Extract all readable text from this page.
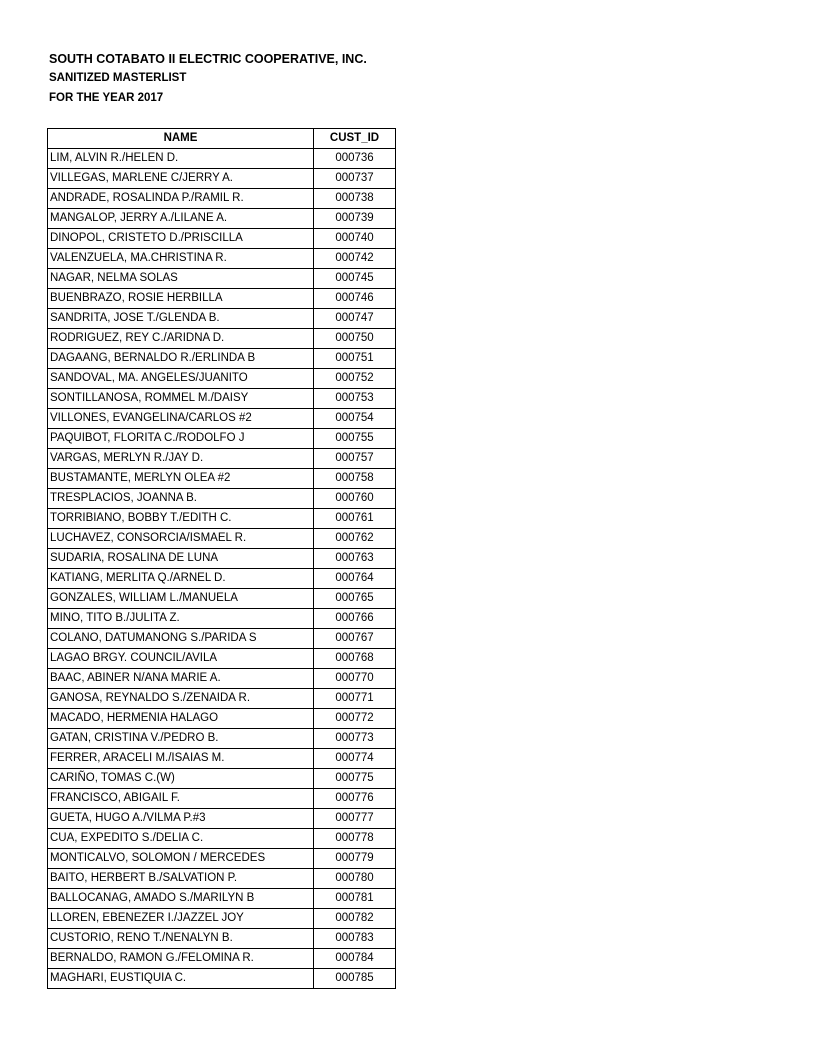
SOUTH COTABATO II ELECTRIC COOPERATIVE, INC.
SANITIZED MASTERLIST
FOR THE YEAR 2017
NAME	CUST_ID
LIM, ALVIN R./HELEN D.	000736
VILLEGAS, MARLENE C/JERRY A.	000737
ANDRADE, ROSALINDA P./RAMIL R.	000738
MANGALOP, JERRY A./LILANE A.	000739
DINOPOL, CRISTETO D./PRISCILLA	000740
VALENZUELA, MA.CHRISTINA R.	000742
NAGAR, NELMA SOLAS	000745
BUENBRAZO, ROSIE HERBILLA	000746
SANDRITA, JOSE T./GLENDA B.	000747
RODRIGUEZ, REY C./ARIDNA D.	000750
DAGAANG, BERNALDO R./ERLINDA B	000751
SANDOVAL, MA. ANGELES/JUANITO	000752
SONTILLANOSA, ROMMEL M./DAISY	000753
VILLONES, EVANGELINA/CARLOS #2	000754
PAQUIBOT, FLORITA C./RODOLFO J	000755
VARGAS, MERLYN R./JAY D.	000757
BUSTAMANTE, MERLYN OLEA #2	000758
TRESPLACIOS, JOANNA B.	000760
TORRIBIANO, BOBBY T./EDITH C.	000761
LUCHAVEZ, CONSORCIA/ISMAEL R.	000762
SUDARIA, ROSALINA DE LUNA	000763
KATIANG, MERLITA Q./ARNEL D.	000764
GONZALES, WILLIAM L./MANUELA	000765
MINO, TITO B./JULITA Z.	000766
COLANO, DATUMANONG S./PARIDA S	000767
LAGAO BRGY. COUNCIL/AVILA	000768
BAAC, ABINER N/ANA MARIE A.	000770
GANOSA, REYNALDO S./ZENAIDA R.	000771
MACADO, HERMENIA HALAGO	000772
GATAN, CRISTINA V./PEDRO B.	000773
FERRER, ARACELI M./ISAIAS M.	000774
CARIÑO, TOMAS C.(W)	000775
FRANCISCO, ABIGAIL F.	000776
GUETA, HUGO A./VILMA P.#3	000777
CUA, EXPEDITO S./DELIA C.	000778
MONTICALVO, SOLOMON / MERCEDES	000779
BAITO, HERBERT B./SALVATION P.	000780
BALLOCANAG, AMADO S./MARILYN B	000781
LLOREN, EBENEZER I./JAZZEL JOY	000782
CUSTORIO, RENO T./NENALYN B.	000783
BERNALDO, RAMON G./FELOMINA R.	000784
MAGHARI, EUSTIQUIA C.	000785
